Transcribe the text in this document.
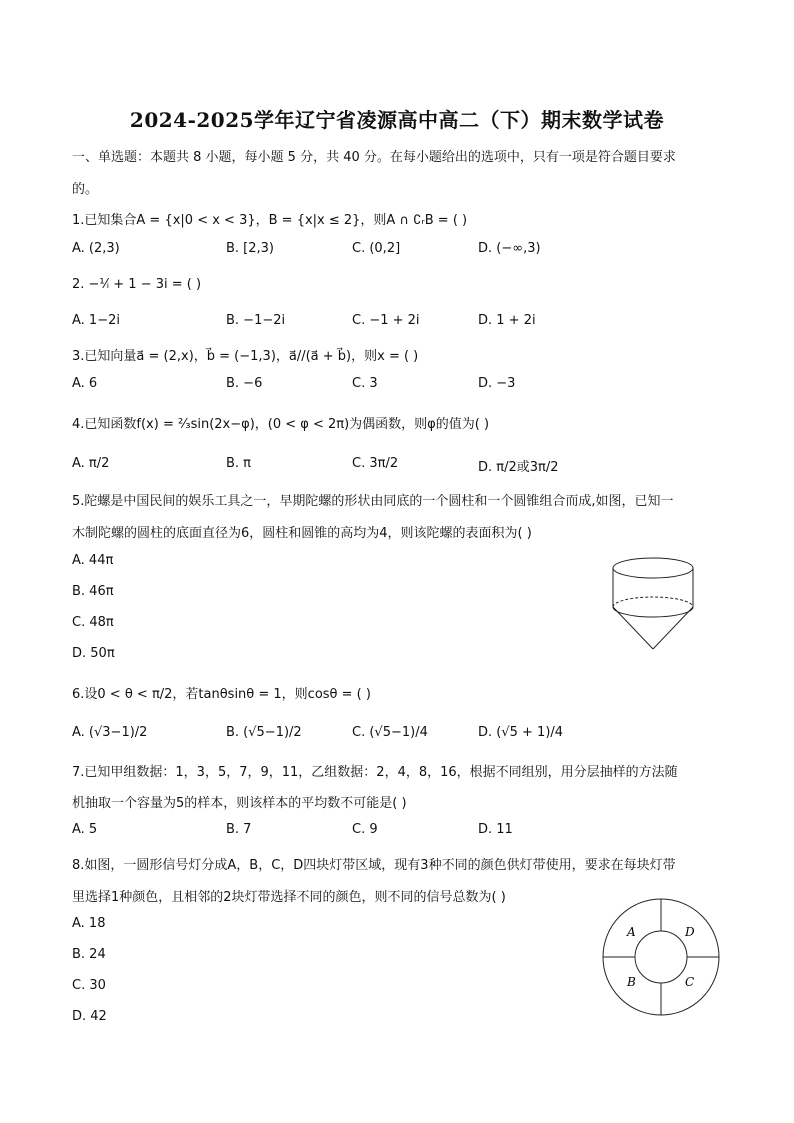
2024-2025学年辽宁省凌源高中高二（下）期末数学试卷
一、单选题：本题共 8 小题，每小题 5 分，共 40 分。在每小题给出的选项中，只有一项是符合题目要求
的。
1.已知集合A = {x|0 < x < 3}，B = {x|x ≤ 2}，则A ∩ ∁ᵣB = ( )
A. (2,3)	B. [2,3)	C. (0,2]	D. (−∞,3)
2. −¹⁄ᵢ + 1 − 3i = ( )
A. 1−2i	B. −1−2i	C. −1 + 2i	D. 1 + 2i
3.已知向量a⃗ = (2,x)，b⃗ = (−1,3)，a⃗//(a⃗ + b⃗)，则x = ( )
A. 6	B. −6	C. 3	D. −3
4.已知函数f(x) = ²⁄₃sin(2x−φ)，(0 < φ < 2π)为偶函数，则φ的值为( )
A. π/2	B. π	C. 3π/2	D. π/2或3π/2
5.陀螺是中国民间的娱乐工具之一，早期陀螺的形状由同底的一个圆柱和一个圆锥组合而成,如图，已知一
木制陀螺的圆柱的底面直径为6，圆柱和圆锥的高均为4，则该陀螺的表面积为( )
A. 44π
B. 46π
C. 48π
D. 50π
6.设0 < θ < π/2，若tanθsinθ = 1，则cosθ = ( )
A. (√3−1)/2	B. (√5−1)/2	C. (√5−1)/4	D. (√5 + 1)/4
7.已知甲组数据：1，3，5，7，9，11，乙组数据：2，4，8，16，根据不同组别，用分层抽样的方法随
机抽取一个容量为5的样本，则该样本的平均数不可能是( )
A. 5	B. 7	C. 9	D. 11
8.如图，一圆形信号灯分成A，B，C，D四块灯带区域，现有3种不同的颜色供灯带使用，要求在每块灯带
里选择1种颜色，且相邻的2块灯带选择不同的颜色，则不同的信号总数为( )
A. 18
B. 24
C. 30
D. 42
A	D
B	C
